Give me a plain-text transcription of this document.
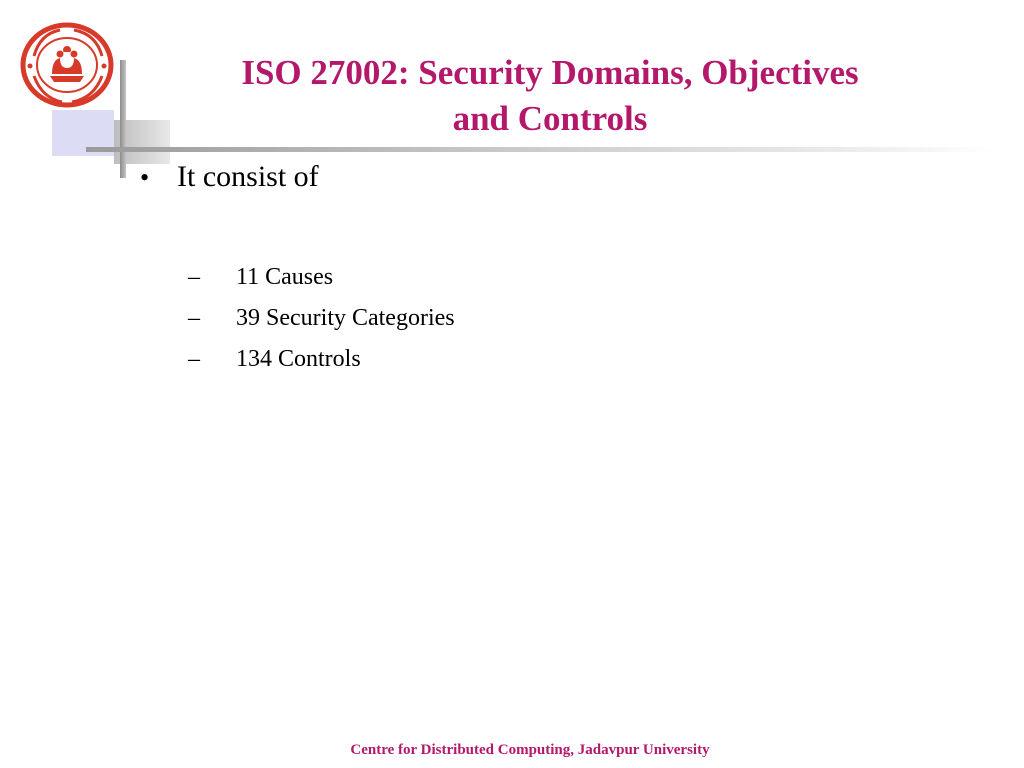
ISO 27002: Security Domains, Objectives
and Controls
• It consist of
–	11 Causes
–	39 Security Categories
–	134 Controls
Centre for Distributed Computing, Jadavpur University
